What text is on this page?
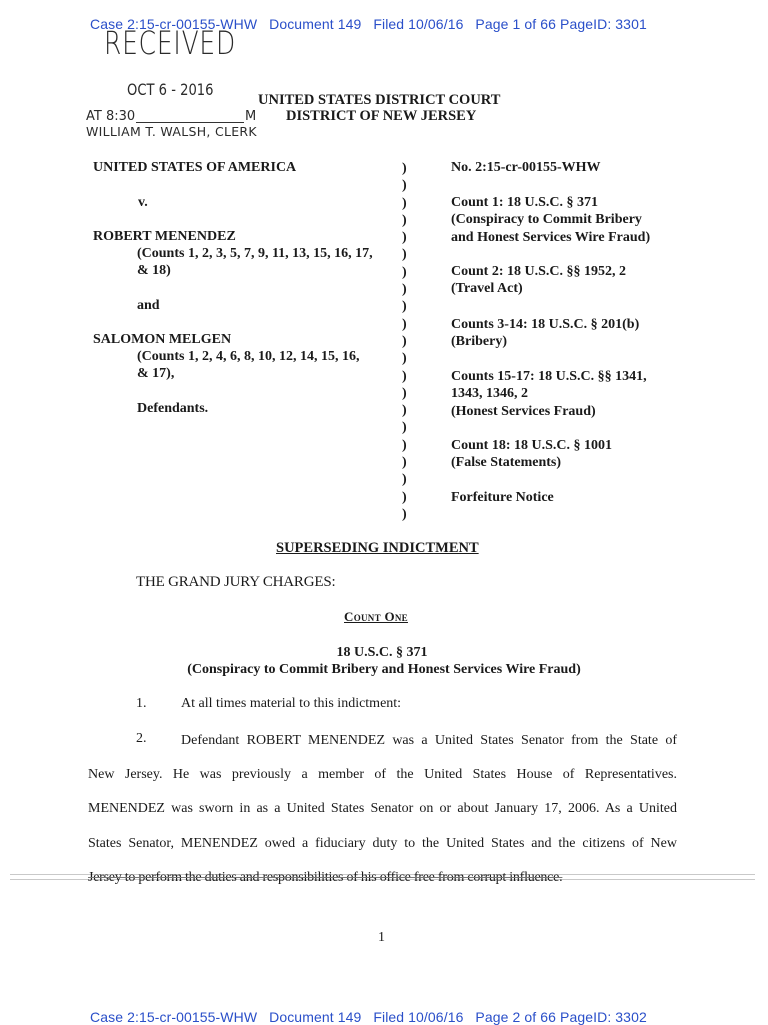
Case 2:15-cr-00155-WHW   Document 149   Filed 10/06/16   Page 1 of 66 PageID: 3301
RECEIVED
OCT 6 - 2016
AT 8:30	M
WILLIAM T. WALSH, CLERK
UNITED STATES DISTRICT COURT
DISTRICT OF NEW JERSEY
UNITED STATES OF AMERICA
v.
ROBERT MENENDEZ
(Counts 1, 2, 3, 5, 7, 9, 11, 13, 15, 16, 17,
& 18)
and
SALOMON MELGEN
(Counts 1, 2, 4, 6, 8, 10, 12, 14, 15, 16,
& 17),
Defendants.
)
)
)
)
)
)
)
)
)
)
)
)
)
)
)
)
)
)
)
)
)
No. 2:15-cr-00155-WHW
Count 1: 18 U.S.C. § 371
(Conspiracy to Commit Bribery
and Honest Services Wire Fraud)
Count 2: 18 U.S.C. §§ 1952, 2
(Travel Act)
Counts 3-14: 18 U.S.C. § 201(b)
(Bribery)
Counts 15-17: 18 U.S.C. §§ 1341,
1343, 1346, 2
(Honest Services Fraud)
Count 18: 18 U.S.C. § 1001
(False Statements)
Forfeiture Notice
SUPERSEDING INDICTMENT
THE GRAND JURY CHARGES:
Count One
18 U.S.C. § 371
(Conspiracy to Commit Bribery and Honest Services Wire Fraud)
1. At all times material to this indictment:
2. Defendant ROBERT MENENDEZ was a United States Senator from the State of
New Jersey. He was previously a member of the United States House of Representatives.
MENENDEZ was sworn in as a United States Senator on or about January 17, 2006. As a United
States Senator, MENENDEZ owed a fiduciary duty to the United States and the citizens of New
Jersey to perform the duties and responsibilities of his office free from corrupt influence.
1
Case 2:15-cr-00155-WHW   Document 149   Filed 10/06/16   Page 2 of 66 PageID: 3302
